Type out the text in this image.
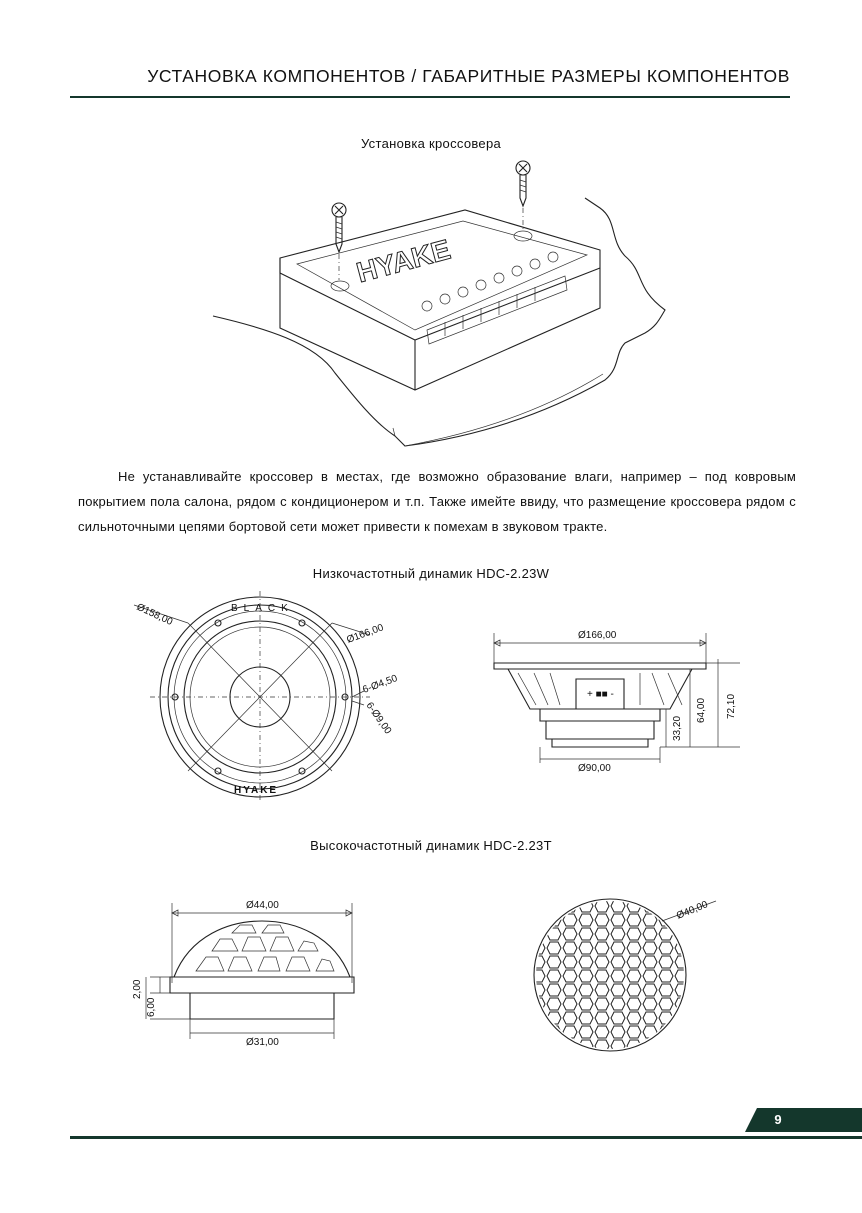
УСТАНОВКА КОМПОНЕНТОВ / ГАБАРИТНЫЕ РАЗМЕРЫ КОМПОНЕНТОВ
Установка кроссовера
HYAKE

Не устанавливайте кроссовер в местах, где возможно образование влаги, например – под ковровым покрытием пола салона, рядом с кондиционером и т.п. Также имейте ввиду, что размещение кроссовера рядом с сильноточными цепями бортовой сети может привести к помехам в звуковом тракте.

Низкочастотный динамик HDC-2.23W
BLACK
HYAKE
Ø158,00
Ø166,00
6-Ø4,50
6-Ø9,00
Ø166,00
+ ■■ -
Ø90,00
33,20
64,00 72,10
Высокочастотный динамик HDC-2.23T
Ø44,00
Ø31,00
2,00
6,00
Ø40,00
9
